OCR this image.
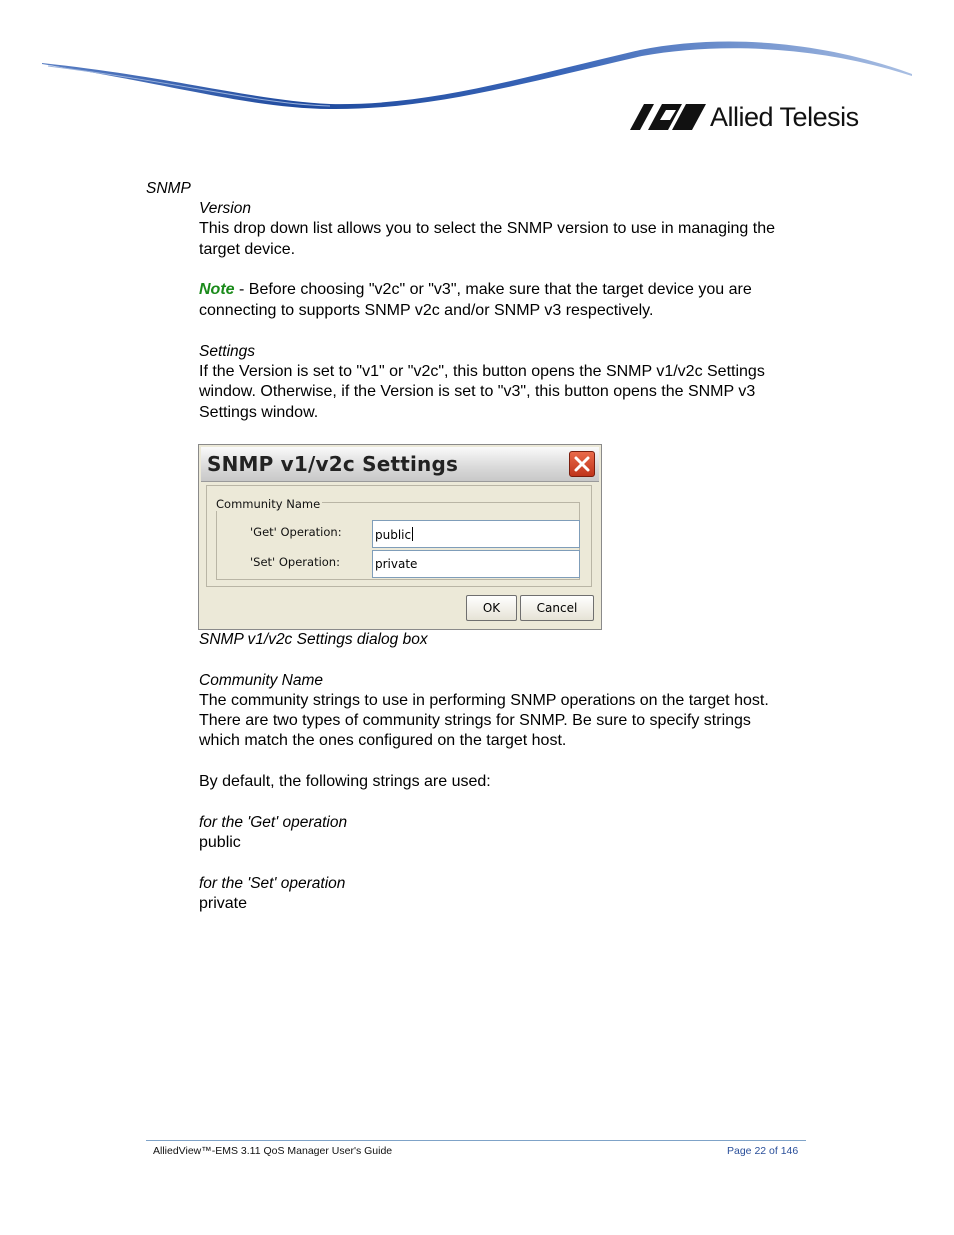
Allied Telesis
SNMP
Version
This drop down list allows you to select the SNMP version to use in managing the
target device.
Note - Before choosing "v2c" or "v3", make sure that the target device you are
connecting to supports SNMP v2c and/or SNMP v3 respectively.
Settings
If the Version is set to "v1" or "v2c", this button opens the SNMP v1/v2c Settings
window. Otherwise, if the Version is set to "v3", this button opens the SNMP v3
Settings window.
SNMP v1/v2c Settings
Community Name
'Get' Operation:	public
'Set' Operation:	private
OK	Cancel
SNMP v1/v2c Settings dialog box
Community Name
The community strings to use in performing SNMP operations on the target host.
There are two types of community strings for SNMP. Be sure to specify strings
which match the ones configured on the target host.
By default, the following strings are used:
for the 'Get' operation
public
for the 'Set' operation
private
AlliedView™-EMS 3.11 QoS Manager User's Guide	Page 22 of 146
